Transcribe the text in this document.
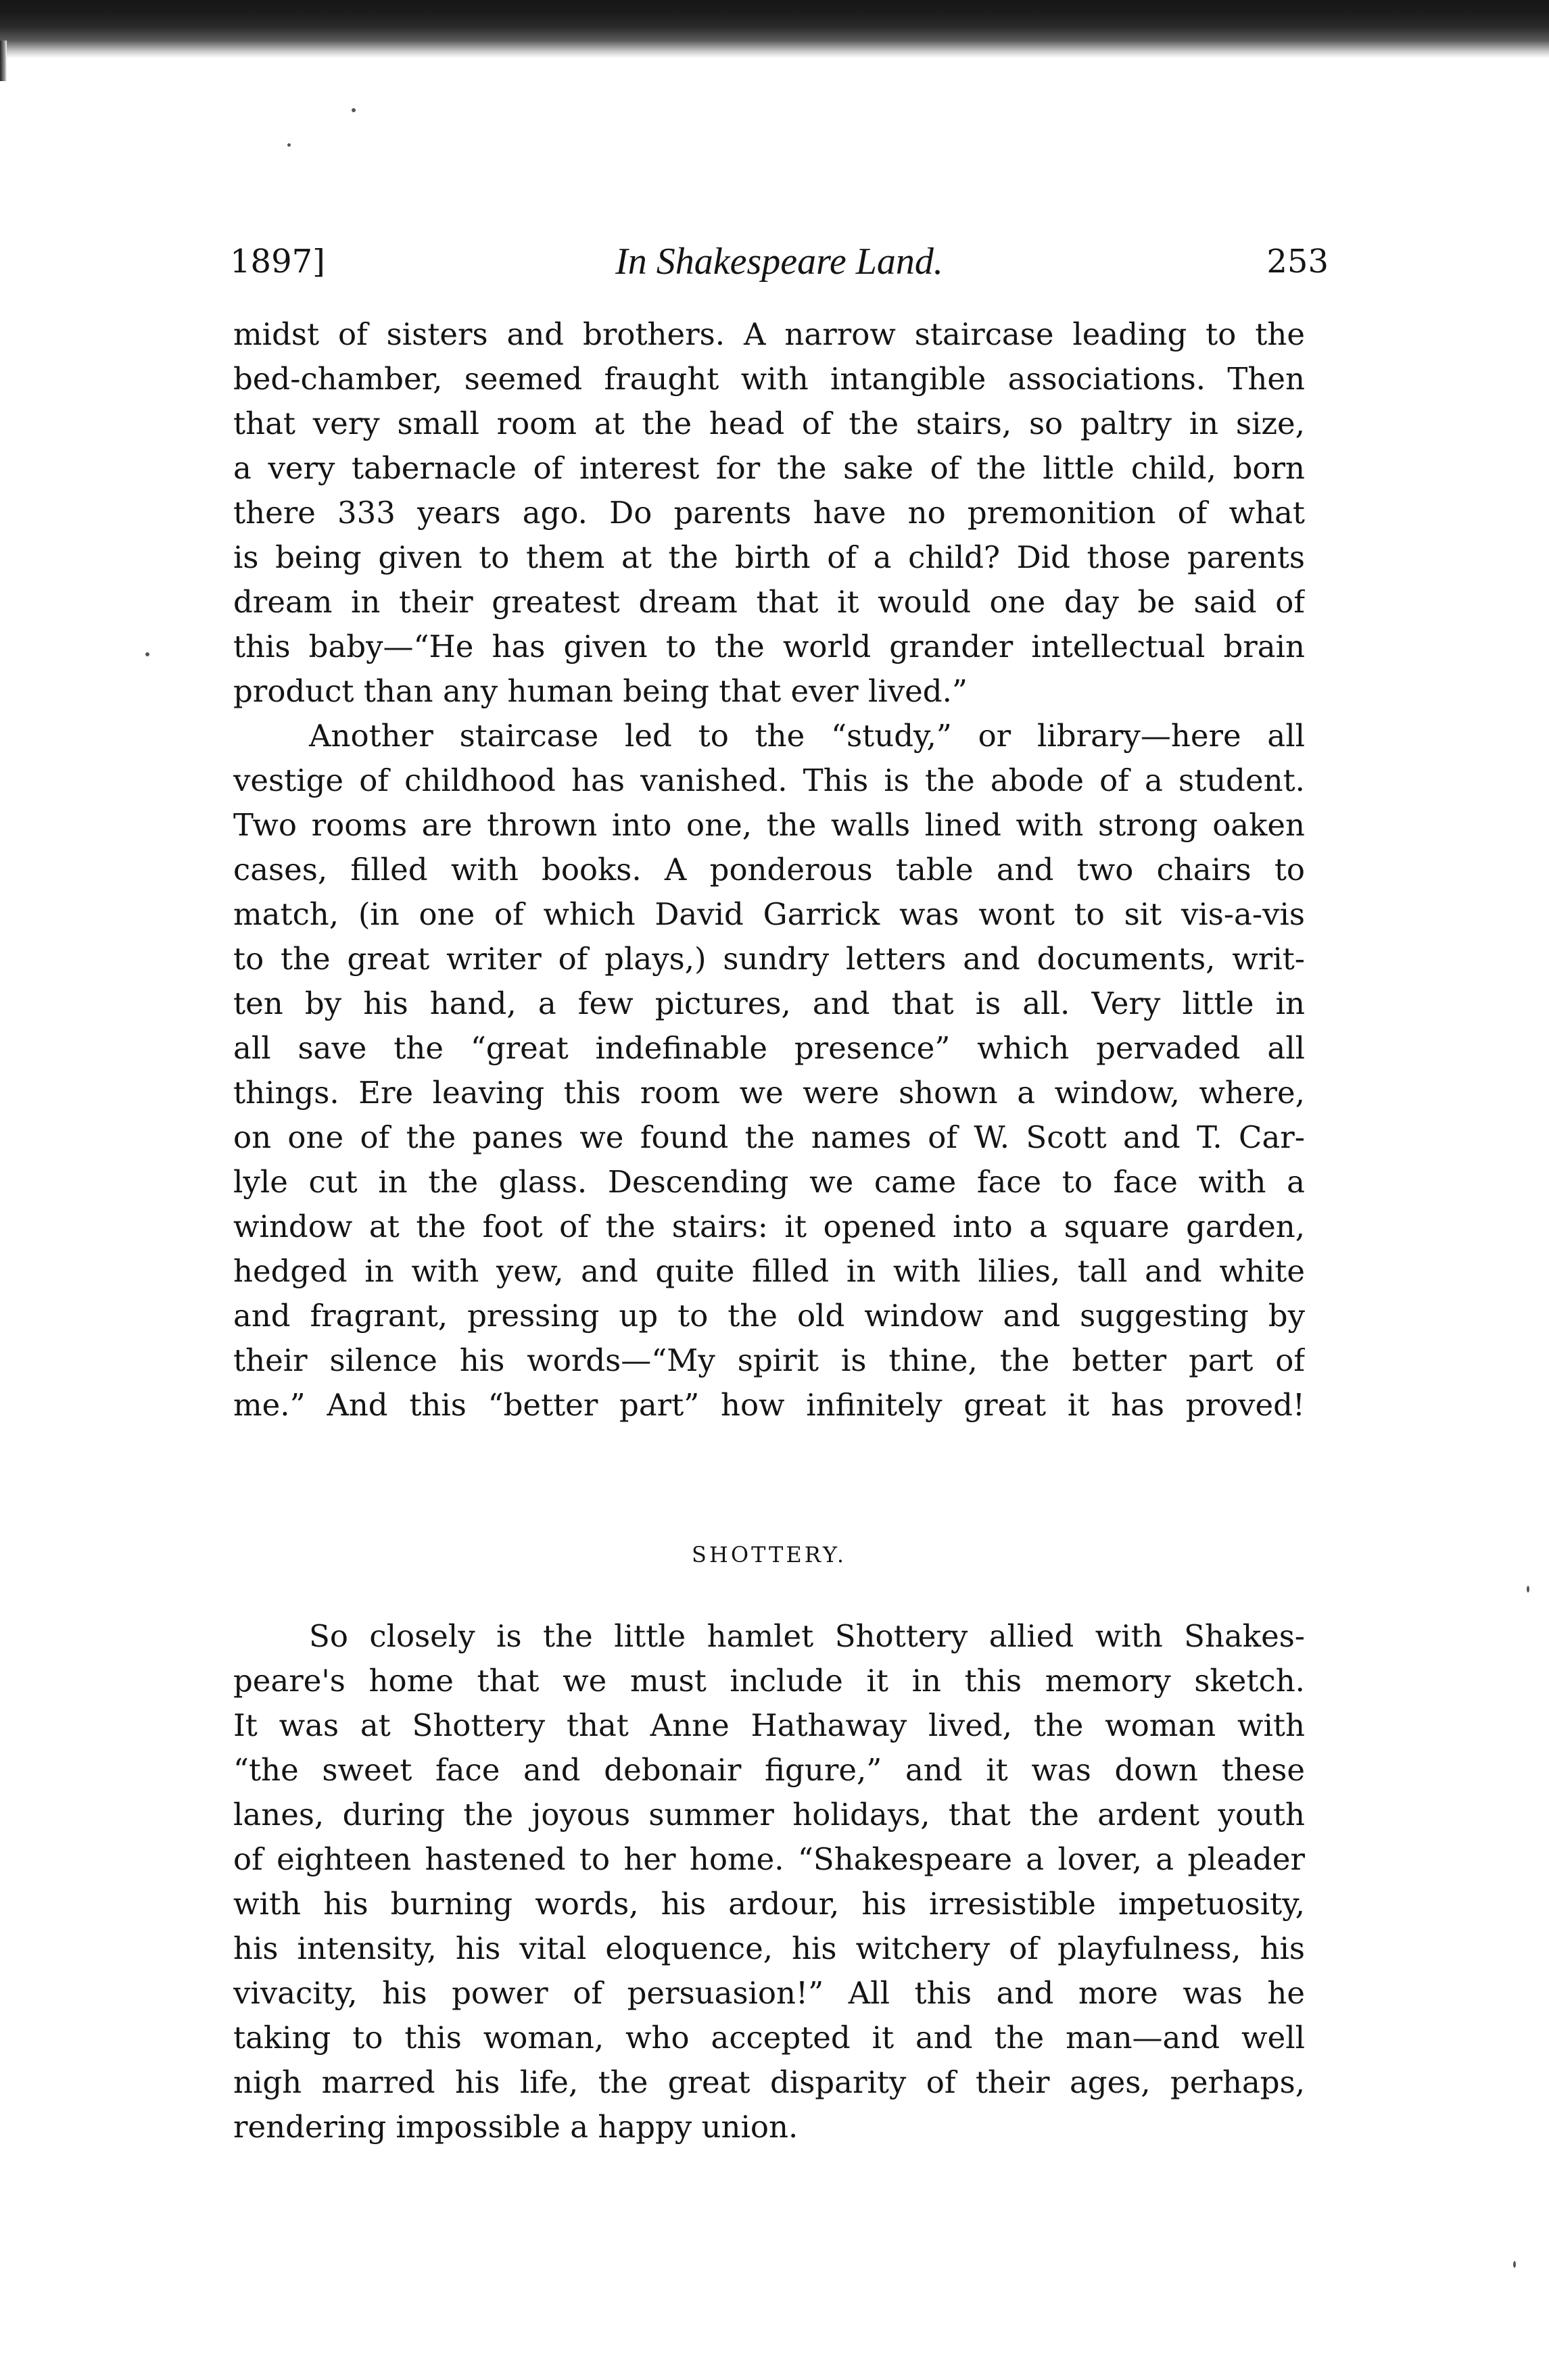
1897]	In Shakespeare Land.	253
midst of sisters and brothers. A narrow staircase leading to the
bed-chamber, seemed fraught with intangible associations. Then
that very small room at the head of the stairs, so paltry in size,
a very tabernacle of interest for the sake of the little child, born
there 333 years ago. Do parents have no premonition of what
is being given to them at the birth of a child? Did those parents
dream in their greatest dream that it would one day be said of
this baby—“He has given to the world grander intellectual brain
product than any human being that ever lived.”
Another staircase led to the “study,” or library—here all
vestige of childhood has vanished. This is the abode of a student.
Two rooms are thrown into one, the walls lined with strong oaken
cases, filled with books. A ponderous table and two chairs to
match, (in one of which David Garrick was wont to sit vis-a-vis
to the great writer of plays,) sundry letters and documents, writ-
ten by his hand, a few pictures, and that is all. Very little in
all save the “great indefinable presence” which pervaded all
things. Ere leaving this room we were shown a window, where,
on one of the panes we found the names of W. Scott and T. Car-
lyle cut in the glass. Descending we came face to face with a
window at the foot of the stairs: it opened into a square garden,
hedged in with yew, and quite filled in with lilies, tall and white
and fragrant, pressing up to the old window and suggesting by
their silence his words—“My spirit is thine, the better part of
me.” And this “better part” how infinitely great it has proved!
SHOTTERY.
So closely is the little hamlet Shottery allied with Shakes-
peare's home that we must include it in this memory sketch.
It was at Shottery that Anne Hathaway lived, the woman with
“the sweet face and debonair figure,” and it was down these
lanes, during the joyous summer holidays, that the ardent youth
of eighteen hastened to her home. “Shakespeare a lover, a pleader
with his burning words, his ardour, his irresistible impetuosity,
his intensity, his vital eloquence, his witchery of playfulness, his
vivacity, his power of persuasion!” All this and more was he
taking to this woman, who accepted it and the man—and well
nigh marred his life, the great disparity of their ages, perhaps,
rendering impossible a happy union.
